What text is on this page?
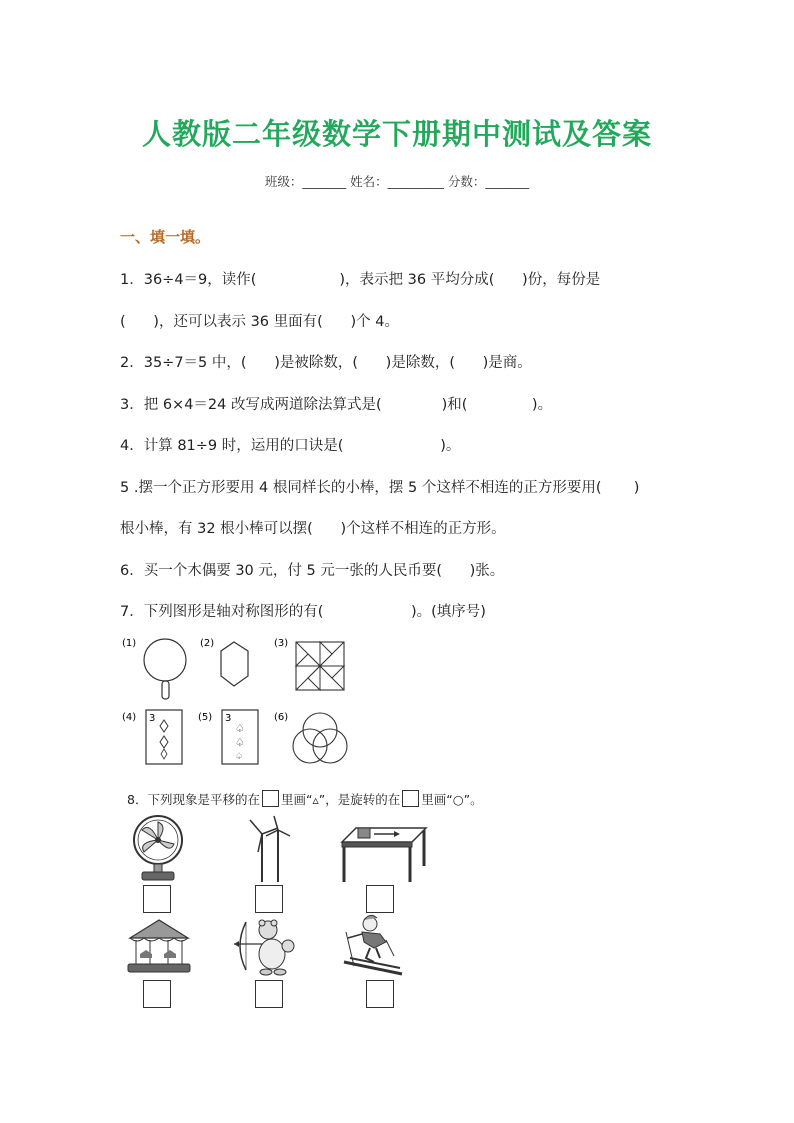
人教版二年级数学下册期中测试及答案
班级：_______ 姓名：_________ 分数：_______
一、填一填。
1．36÷4＝9，读作(                  )，表示把 36 平均分成(      )份，每份是
(      )，还可以表示 36 里面有(      )个 4。
2．35÷7＝5 中，(      )是被除数，(      )是除数，(      )是商。
3．把 6×4＝24 改写成两道除法算式是(             )和(              )。
4．计算 81÷9 时，运用的口诀是(                     )。
5 .摆一个正方形要用 4 根同样长的小棒，摆 5 个这样不相连的正方形要用(       )
根小棒，有 32 根小棒可以摆(      )个这样不相连的正方形。
6．买一个木偶要 30 元，付 5 元一张的人民币要(      )张。
7．下列图形是轴对称图形的有(                   )。(填序号)
(1)	(2)	(3)
(4) 3	(5) 3
♤
♤
♤
(6)
8．下列现象是平移的在 里画“▵”，是旋转的在 里画“○”。
